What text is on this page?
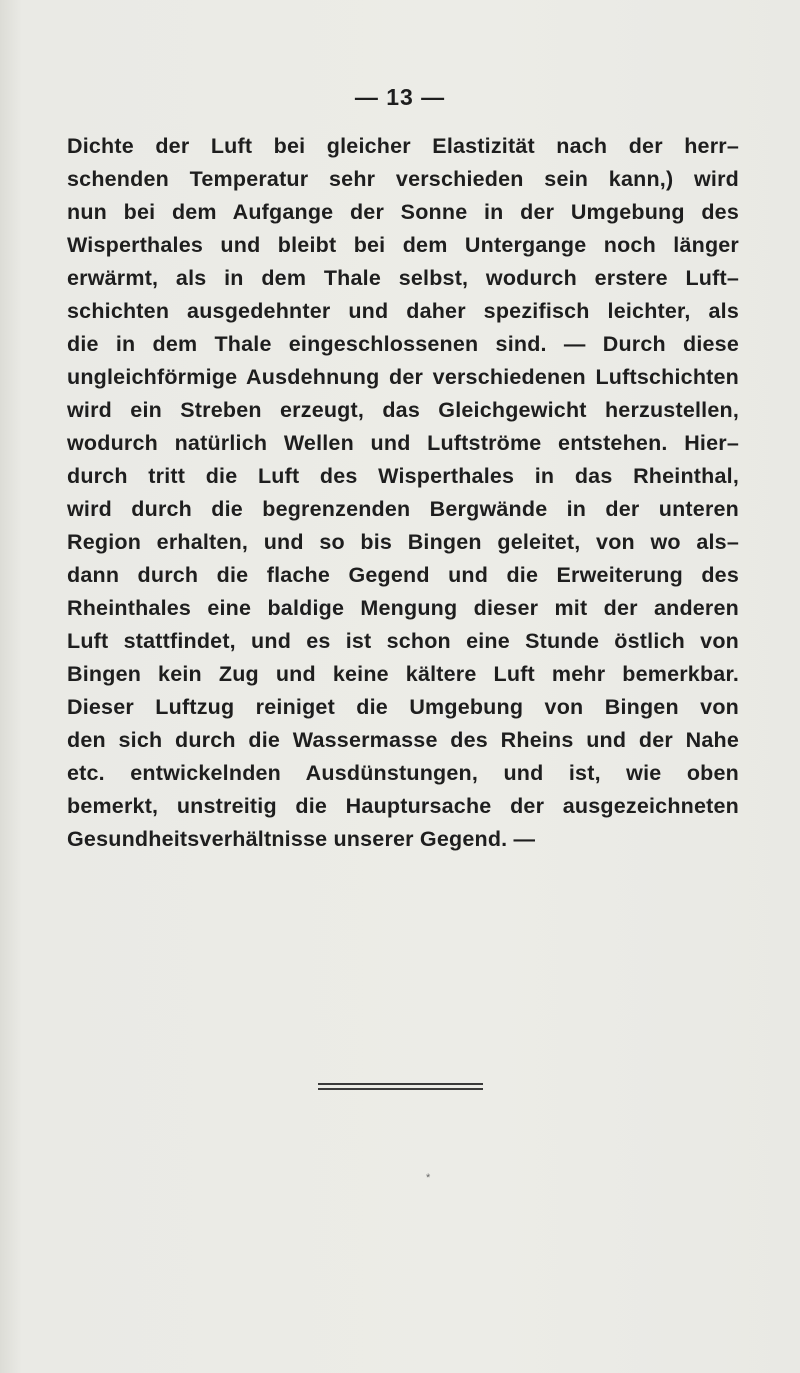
— 13 —
Dichte der Luft bei gleicher Elastizität nach der herr–
schenden Temperatur sehr verschieden sein kann,) wird
nun bei dem Aufgange der Sonne in der Umgebung des
Wisperthales und bleibt bei dem Untergange noch länger
erwärmt, als in dem Thale selbst, wodurch erstere Luft–
schichten ausgedehnter und daher spezifisch leichter, als
die in dem Thale eingeschlossenen sind. — Durch diese
ungleichförmige Ausdehnung der verschiedenen Luftschichten
wird ein Streben erzeugt, das Gleichgewicht herzustellen,
wodurch natürlich Wellen und Luftströme entstehen. Hier–
durch tritt die Luft des Wisperthales in das Rheinthal,
wird durch die begrenzenden Bergwände in der unteren
Region erhalten, und so bis Bingen geleitet, von wo als–
dann durch die flache Gegend und die Erweiterung des
Rheinthales eine baldige Mengung dieser mit der anderen
Luft stattfindet, und es ist schon eine Stunde östlich von
Bingen kein Zug und keine kältere Luft mehr bemerkbar.
Dieser Luftzug reiniget die Umgebung von Bingen von
den sich durch die Wassermasse des Rheins und der Nahe
etc. entwickelnden Ausdünstungen, und ist, wie oben
bemerkt, unstreitig die Hauptursache der ausgezeichneten
Gesundheitsverhältnisse unserer Gegend. —
*
